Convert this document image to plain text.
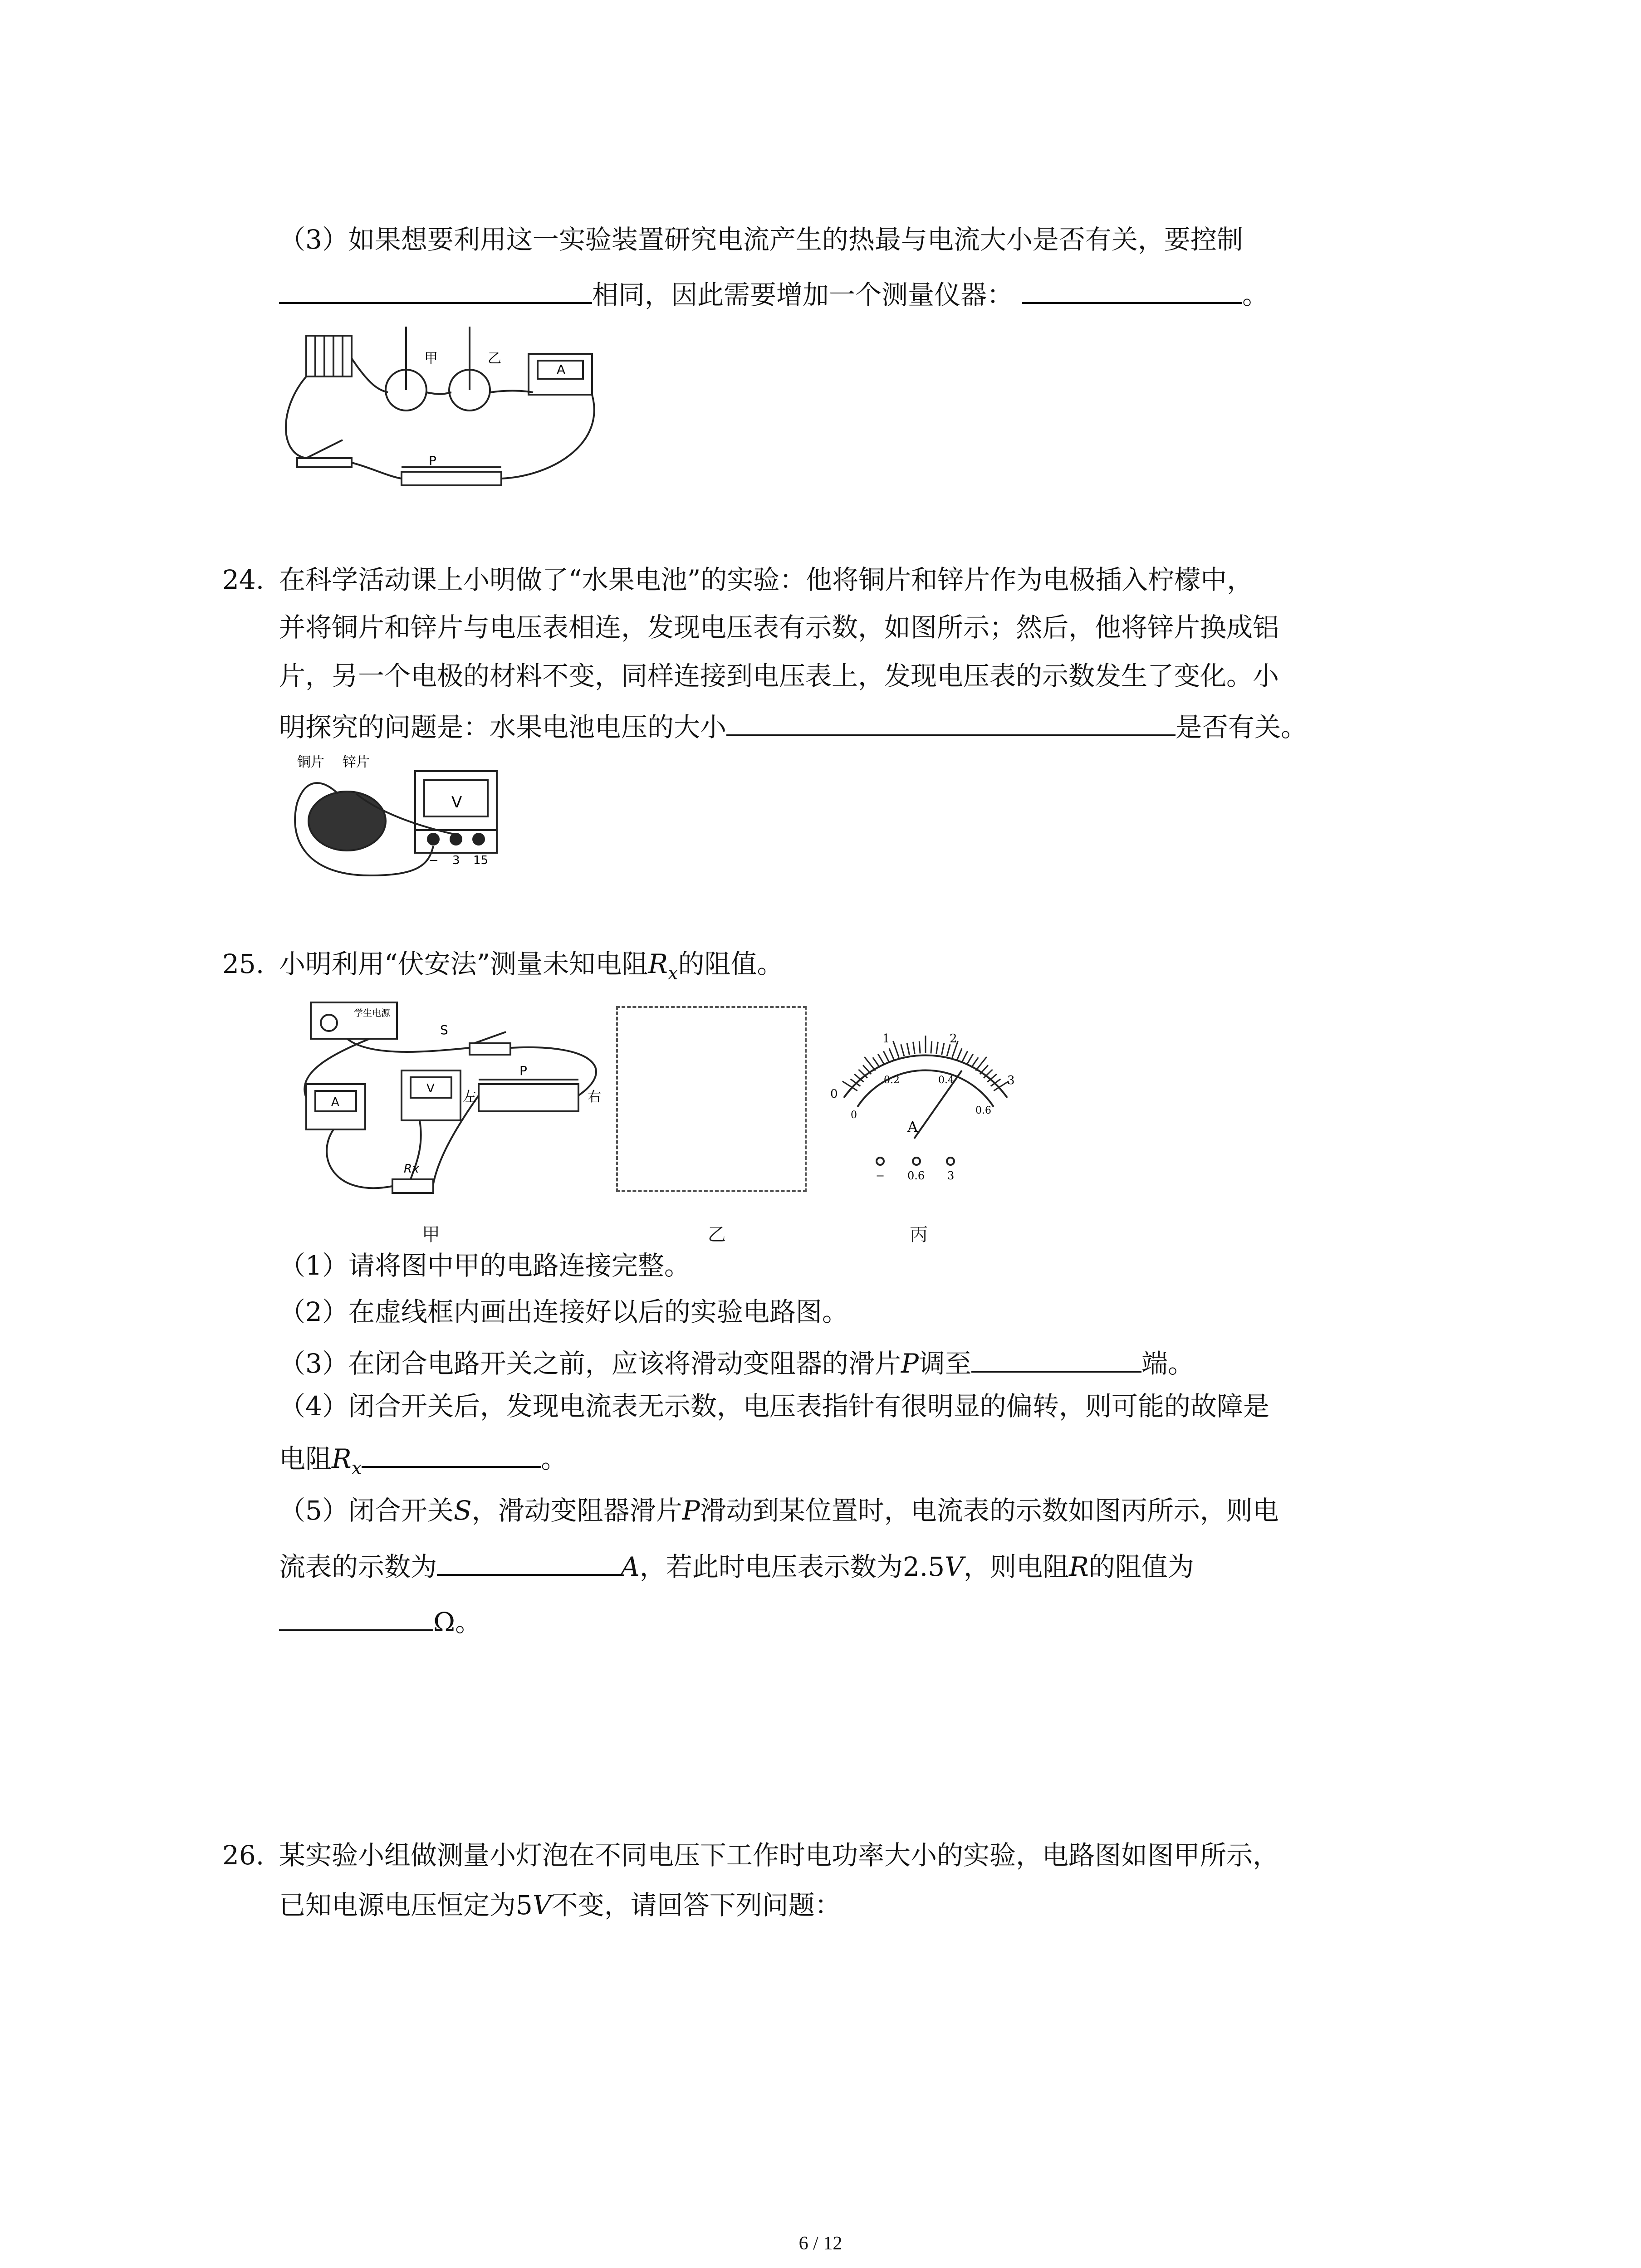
（3）如果想要利用这一实验装置研究电流产生的热最与电流大小是否有关，要控制
相同，因此需要增加一个测量仪器：	。
甲	乙
P
A
24. 在科学活动课上小明做了“水果电池”的实验：他将铜片和锌片作为电极插入柠檬中，
并将铜片和锌片与电压表相连，发现电压表有示数，如图所示；然后，他将锌片换成铝
片，另一个电极的材料不变，同样连接到电压表上，发现电压表的示数发生了变化。小
明探究的问题是：水果电池电压的大小	是否有关。
铜片 锌片
V
− 3 15
25. 小明利用“伏安法”测量未知电阻$R_x$的阻值。
学生电源
S
P
左	右
A
V
Rx
0
1	2
3
0
0.2	0.4
0.6
A
− 0.6 3
甲	乙	丙
（1）请将图中甲的电路连接完整。
（2）在虚线框内画出连接好以后的实验电路图。
（3）在闭合电路开关之前，应该将滑动变阻器的滑片P调至	端。
（4）闭合开关后，发现电流表无示数，电压表指针有很明显的偏转，则可能的故障是
电阻$R_x$	。
（5）闭合开关S，滑动变阻器滑片P滑动到某位置时，电流表的示数如图丙所示，则电
流表的示数为	A，若此时电压表示数为2.5V，则电阻R的阻值为
Ω。
26. 某实验小组做测量小灯泡在不同电压下工作时电功率大小的实验，电路图如图甲所示，
已知电源电压恒定为5V不变，请回答下列问题：
6 / 12
